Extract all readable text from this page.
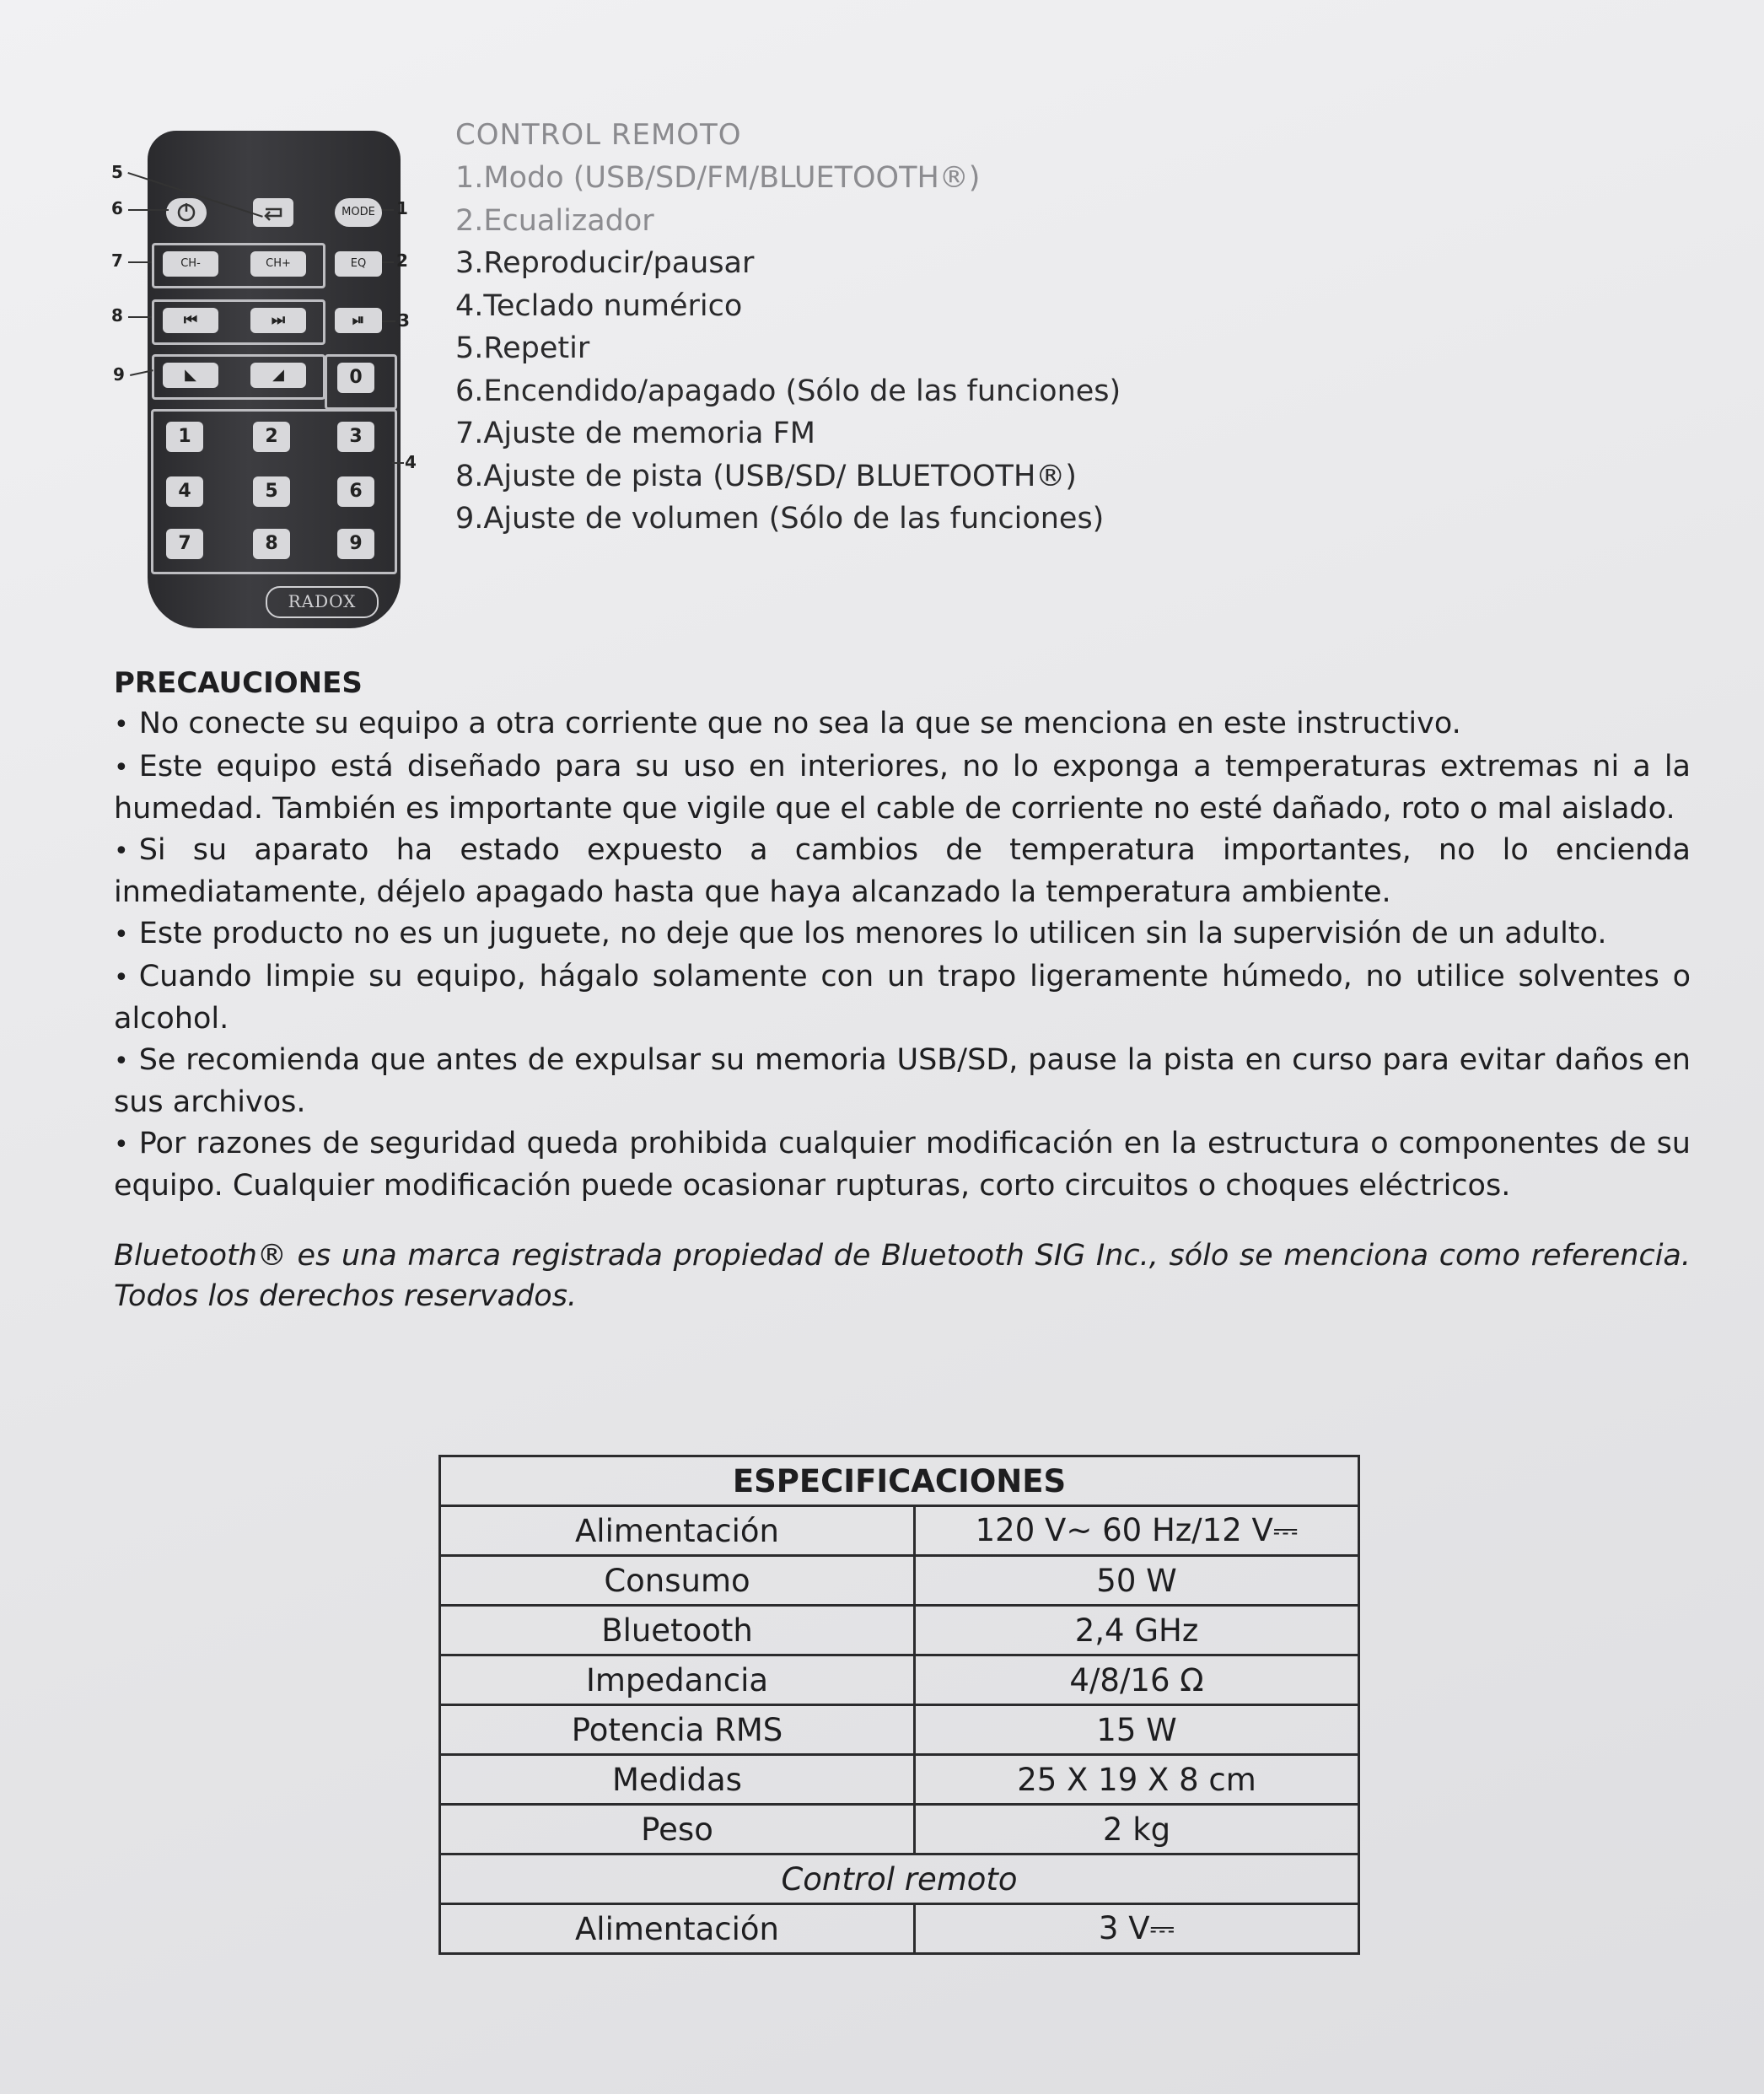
MODE
CH-	CH+	EQ
⏮	⏭	⏯
◣	◢	0
1	2	3
4	5	6
7	8	9
RADOX
5
6	1
7	2
8	3
9
4
CONTROL REMOTO
1.Modo (USB/SD/FM/BLUETOOTH®)
2.Ecualizador
3.Reproducir/pausar
4.Teclado numérico
5.Repetir
6.Encendido/apagado (Sólo de las funciones)
7.Ajuste de memoria FM
8.Ajuste de pista (USB/SD/ BLUETOOTH®)
9.Ajuste de volumen (Sólo de las funciones)
PRECAUCIONES

• No conecte su equipo a otra corriente que no sea la que se menciona en este instructivo.

• Este equipo está diseñado para su uso en interiores, no lo exponga a temperaturas extremas ni a la humedad. También es importante que vigile que el cable de corriente no esté dañado, roto o mal aislado.

• Si su aparato ha estado expuesto a cambios de temperatura importantes, no lo encienda inmediatamente, déjelo apagado hasta que haya alcanzado la temperatura ambiente.

• Este producto no es un juguete, no deje que los menores lo utilicen sin la supervisión de un adulto.

• Cuando limpie su equipo, hágalo solamente con un trapo ligeramente húmedo, no utilice solventes o alcohol.

• Se recomienda que antes de expulsar su memoria USB/SD, pause la pista en curso para evitar daños en sus archivos.

• Por razones de seguridad queda prohibida cualquier modificación en la estructura o componentes de su equipo. Cualquier modificación puede ocasionar rupturas, corto circuitos o choques eléctricos.

Bluetooth® es una marca registrada propiedad de Bluetooth SIG Inc., sólo se menciona como referencia. Todos los derechos reservados.

ESPECIFICACIONES	
Alimentación	120 V~ 60 Hz/12 V⎓
Consumo	50 W
Bluetooth	2,4 GHz
Impedancia	4/8/16 Ω
Potencia RMS	15 W
Medidas	25 X 19 X 8 cm
Peso	2 kg
Control remoto	
Alimentación	3 V⎓
